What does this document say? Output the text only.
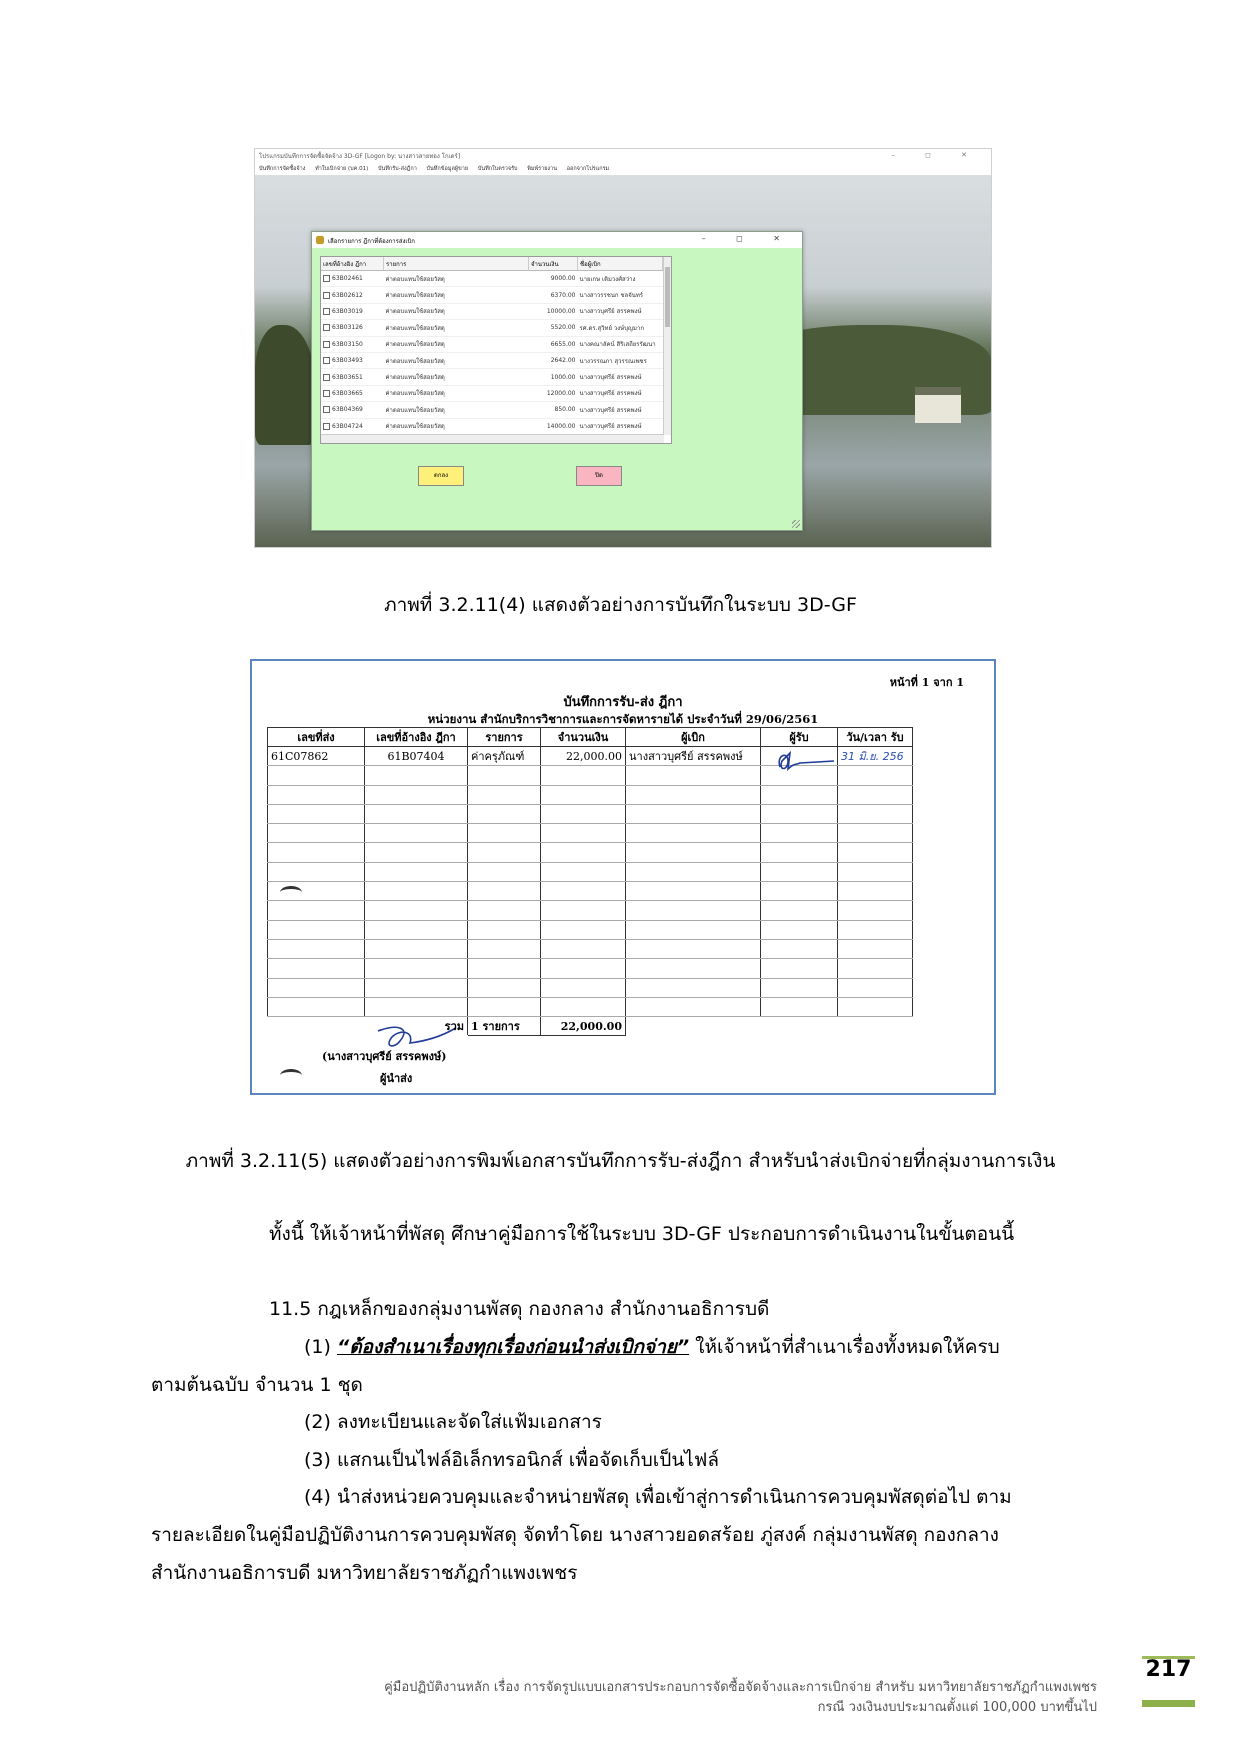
โปรแกรมบันทึกการจัดซื้อจัดจ้าง 3D-GF [Logon by: นางสาวสายทอง โกเดร์]	– ◻ ✕
บันทึกการจัดซื้อจ้าง ทำใบเบิกจ่าย (บค.01) บันทึกรับ-ส่งฎีกา บันทึกข้อมูลผู้ขาย บันทึกใบตรวจรับ พิมพ์รายงาน ออกจากโปรแกรม
เลือกรายการ ฎีกาที่ต้องการส่งเบิก	– ◻ ✕
เลขที่อ้างอิง ฎีกา	รายการ	จำนวนเงิน	ชื่อผู้เบิก
63B02461	ค่าตอบแทนใช้สอยวัสดุ	9000.00	นายเกษ เติมวงศ์สว่าง
63B02612	ค่าตอบแทนใช้สอยวัสดุ	6370.00	นางสาวรรชนก ชลจันทร์
63B03019	ค่าตอบแทนใช้สอยวัสดุ	10000.00	นางสาวบุศรีย์ สรรคพงษ์
63B03126	ค่าตอบแทนใช้สอยวัสดุ	5520.00	รศ.ดร.สุวิทย์ วงษ์บุญมาก
63B03150	ค่าตอบแทนใช้สอยวัสดุ	6655.00	นางคณาลัคน์ สิริเสถียรรัฒนา
63B03493	ค่าตอบแทนใช้สอยวัสดุ	2642.00	นางวรรณภา สุวรรณเพชร
63B03651	ค่าตอบแทนใช้สอยวัสดุ	1000.00	นางสาวบุศรีย์ สรรคพงษ์
63B03665	ค่าตอบแทนใช้สอยวัสดุ	12000.00	นางสาวบุศรีย์ สรรคพงษ์
63B04369	ค่าตอบแทนใช้สอยวัสดุ	850.00	นางสาวบุศรีย์ สรรคพงษ์
63B04724	ค่าตอบแทนใช้สอยวัสดุ	14000.00	นางสาวบุศรีย์ สรรคพงษ์
ตกลง	ปิด
ภาพที่ 3.2.11(4) แสดงตัวอย่างการบันทึกในระบบ 3D-GF
หน้าที่ 1 จาก 1
บันทึกการรับ-ส่ง ฎีกา
หน่วยงาน สำนักบริการวิชาการและการจัดหารายได้ ประจำวันที่ 29/06/2561
เลขที่ส่ง	เลขที่อ้างอิง ฎีกา	รายการ	จำนวนเงิน	ผู้เบิก	ผู้รับ	วัน/เวลา รับ
61C07862	61B07404	ค่าครุภัณฑ์	22,000.00	นางสาวบุศรีย์ สรรคพงษ์		31 มิ.ย. 256

รวม		1 รายการ	22,000.00			
(นางสาวบุศรีย์ สรรคพงษ์)
ผู้นำส่ง
ภาพที่ 3.2.11(5) แสดงตัวอย่างการพิมพ์เอกสารบันทึกการรับ-ส่งฎีกา สำหรับนำส่งเบิกจ่ายที่กลุ่มงานการเงิน
ทั้งนี้ ให้เจ้าหน้าที่พัสดุ ศึกษาคู่มือการใช้ในระบบ 3D-GF ประกอบการดำเนินงานในขั้นตอนนี้
11.5 กฎเหล็กของกลุ่มงานพัสดุ กองกลาง สำนักงานอธิการบดี
(1) “ต้องสำเนาเรื่องทุกเรื่องก่อนนำส่งเบิกจ่าย” ให้เจ้าหน้าที่สำเนาเรื่องทั้งหมดให้ครบ
ตามต้นฉบับ จำนวน 1 ชุด
(2) ลงทะเบียนและจัดใส่แฟ้มเอกสาร
(3) แสกนเป็นไฟล์อิเล็กทรอนิกส์ เพื่อจัดเก็บเป็นไฟล์
(4) นำส่งหน่วยควบคุมและจำหน่ายพัสดุ เพื่อเข้าสู่การดำเนินการควบคุมพัสดุต่อไป ตาม
รายละเอียดในคู่มือปฏิบัติงานการควบคุมพัสดุ จัดทำโดย นางสาวยอดสร้อย ภู่สงค์ กลุ่มงานพัสดุ กองกลาง
สำนักงานอธิการบดี มหาวิทยาลัยราชภัฏกำแพงเพชร
คู่มือปฏิบัติงานหลัก เรื่อง การจัดรูปแบบเอกสารประกอบการจัดซื้อจัดจ้างและการเบิกจ่าย สำหรับ มหาวิทยาลัยราชภัฏกำแพงเพชร
กรณี วงเงินงบประมาณตั้งแต่ 100,000 บาทขึ้นไป
217
